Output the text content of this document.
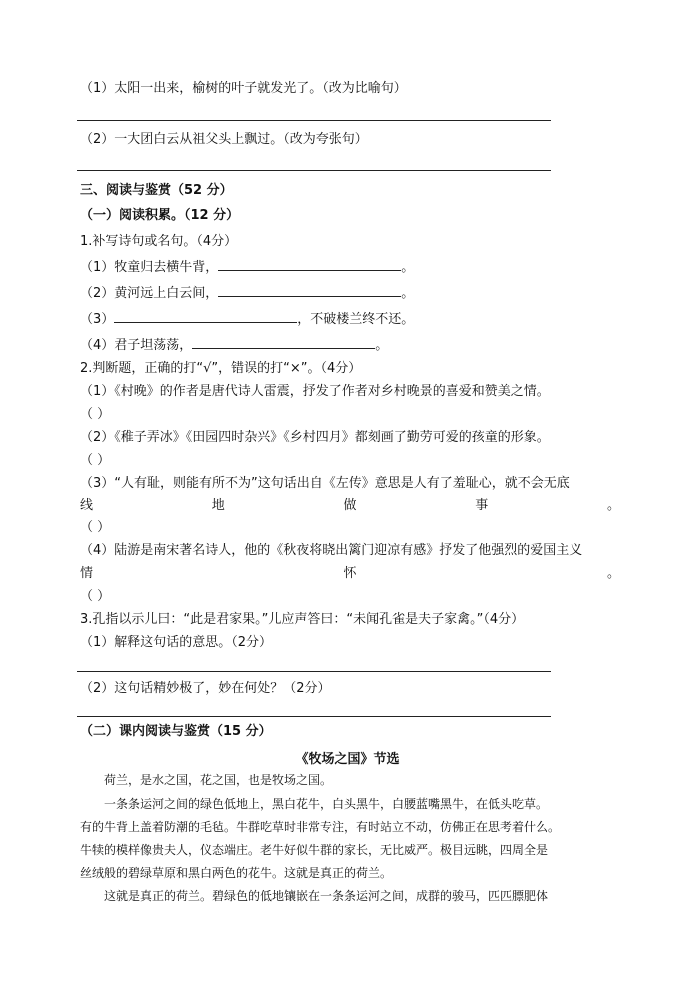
（1）太阳一出来，榆树的叶子就发光了。（改为比喻句）
（2）一大团白云从祖父头上飘过。（改为夸张句）
三、阅读与鉴赏（52 分）
（一）阅读积累。（12 分）
1.补写诗句或名句。（4分）
（1）牧童归去横牛背，	。
（2）黄河远上白云间，	。
（3）	，不破楼兰终不还。
（4）君子坦荡荡，	。
2.判断题，正确的打“√”，错误的打“×”。（4分）
（1）《村晚》的作者是唐代诗人雷震，抒发了作者对乡村晚景的喜爱和赞美之情。
（ ）
（2）《稚子弄冰》《田园四时杂兴》《乡村四月》都刻画了勤劳可爱的孩童的形象。
（ ）
（3）“人有耻，则能有所不为”这句话出自《左传》意思是人有了羞耻心，就不会无底
线	地	做	事	。
（ ）
（4）陆游是南宋著名诗人，他的《秋夜将晓出篱门迎凉有感》抒发了他强烈的爱国主义
情	怀	。
（ ）
3.孔指以示儿曰：“此是君家果。”儿应声答曰：“未闻孔雀是夫子家禽。”（4分）
（1）解释这句话的意思。（2分）
（2）这句话精妙极了，妙在何处？（2分）
（二）课内阅读与鉴赏（15 分）
《牧场之国》节选
荷兰，是水之国，花之国，也是牧场之国。
一条条运河之间的绿色低地上，黑白花牛，白头黑牛，白腰蓝嘴黑牛，在低头吃草。
有的牛背上盖着防潮的毛毡。牛群吃草时非常专注，有时站立不动，仿佛正在思考着什么。
牛犊的模样像贵夫人，仪态端庄。老牛好似牛群的家长，无比威严。极目远眺，四周全是
丝绒般的碧绿草原和黑白两色的花牛。这就是真正的荷兰。
这就是真正的荷兰。碧绿色的低地镶嵌在一条条运河之间，成群的骏马，匹匹膘肥体
